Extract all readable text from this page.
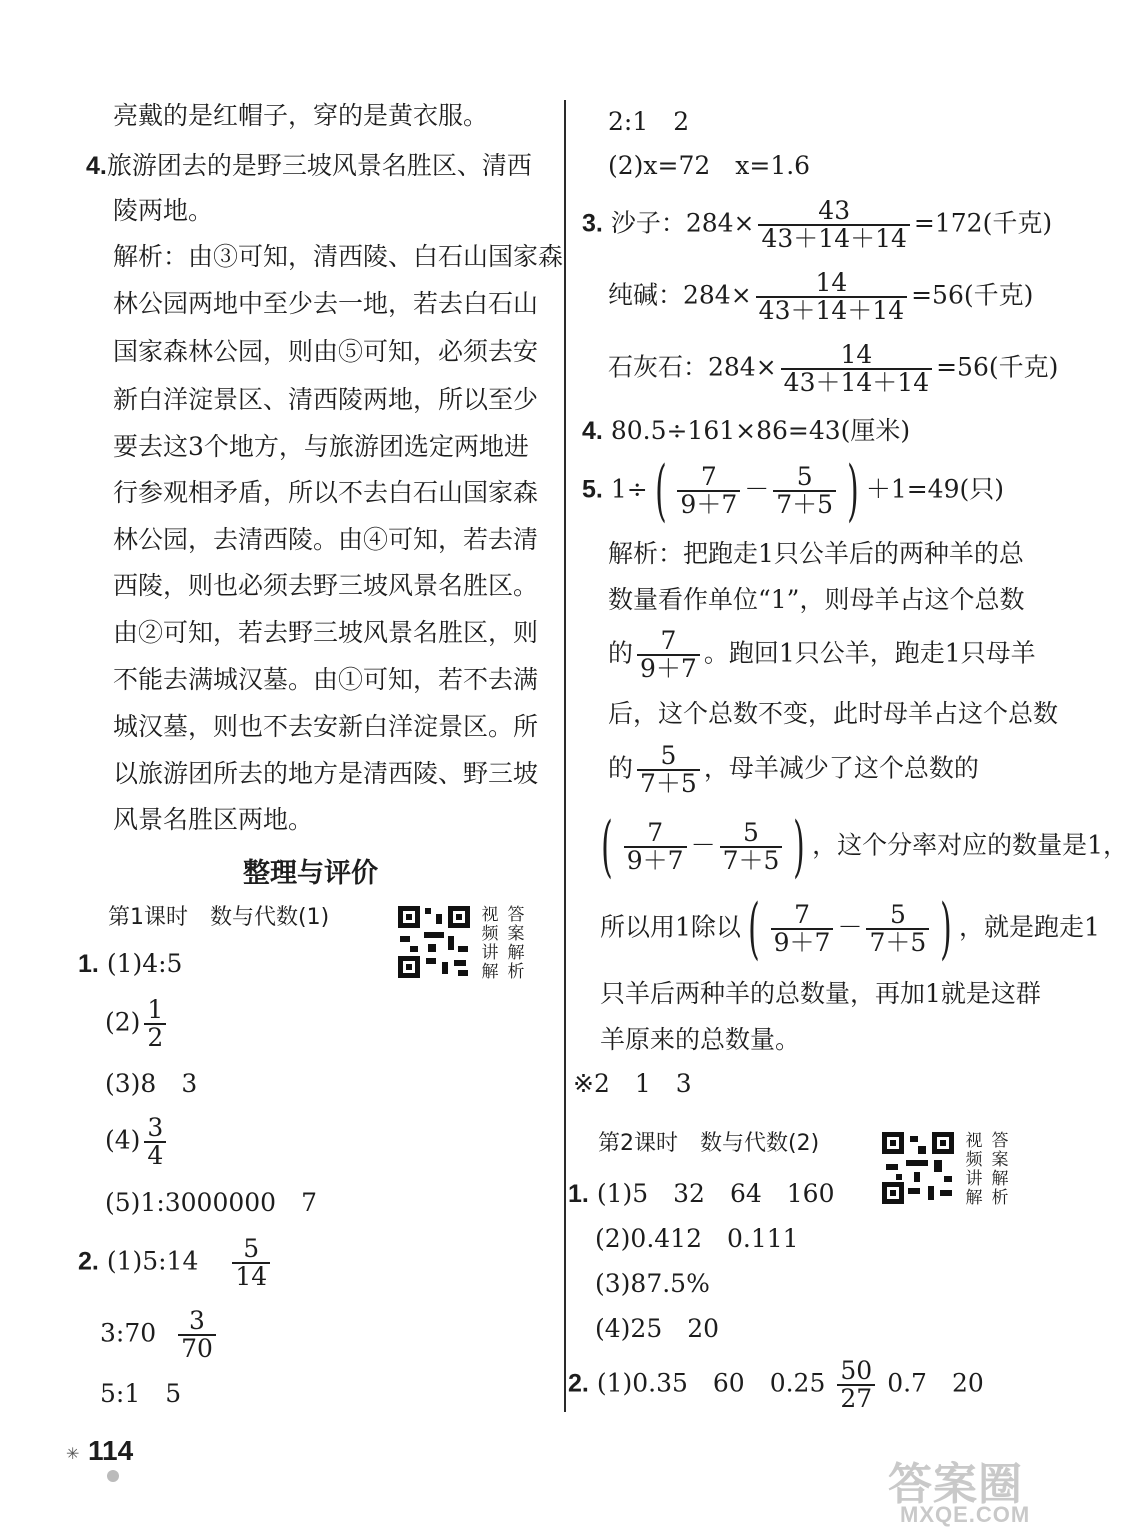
亮戴的是红帽子，穿的是黄衣服。
4.旅游团去的是野三坡风景名胜区、清西
陵两地。
解析：由③可知，清西陵、白石山国家森
林公园两地中至少去一地，若去白石山
国家森林公园，则由⑤可知，必须去安
新白洋淀景区、清西陵两地，所以至少
要去这3个地方，与旅游团选定两地进
行参观相矛盾，所以不去白石山国家森
林公园，去清西陵。由④可知，若去清
西陵，则也必须去野三坡风景名胜区。
由②可知，若去野三坡风景名胜区，则
不能去满城汉墓。由①可知，若不去满
城汉墓，则也不去安新白洋淀景区。所
以旅游团所去的地方是清西陵、野三坡
风景名胜区两地。
整理与评价
第1课时　数与代数(1)	视频讲解
答案解析
1. (1)4:5
$(2) \frac{1}{2}$
(3)8　3
$(4) \frac{3}{4}$
(5)1:3000000　7
2. (1)5:14 $\frac{5}{14}$
3:70 $\frac{3}{70}$
5:1　5
2:1　2
(2)x=72　x=1.6
3. 沙子：$284\times \frac{43}{43+14+14} =172$(千克)
纯碱：$284\times \frac{14}{43+14+14} =56$(千克)
石灰石：$284\times \frac{14}{43+14+14} =56$(千克)
4. 80.5÷161×86=43(厘米)
5. 1÷ ( $\frac{7}{9+7} - \frac{5}{7+5}$ ) ＋1=49(只)
解析：把跑走1只公羊后的两种羊的总
数量看作单位“1”，则母羊占这个总数
的 $\frac{7}{9+7}$ 。跑回1只公羊，跑走1只母羊
后，这个总数不变，此时母羊占这个总数
的 $\frac{5}{7+5}$ ，母羊减少了这个总数的
( $\frac{7}{9+7} - \frac{5}{7+5}$ ) ，这个分率对应的数量是1，
所以用1除以 ( $\frac{7}{9+7} - \frac{5}{7+5}$ ) ，就是跑走1
只羊后两种羊的总数量，再加1就是这群
羊原来的总数量。
※2　1　3
第2课时　数与代数(2)	视频讲解
答案解析
1. (1)5　32　64　160
(2)0.412　0.111
(3)87.5%
(4)25　20
2. (1)0.35　60　$0.25 \frac{50}{27} 0.7$　20
✳ 114
答案圈
MXQE.COM
